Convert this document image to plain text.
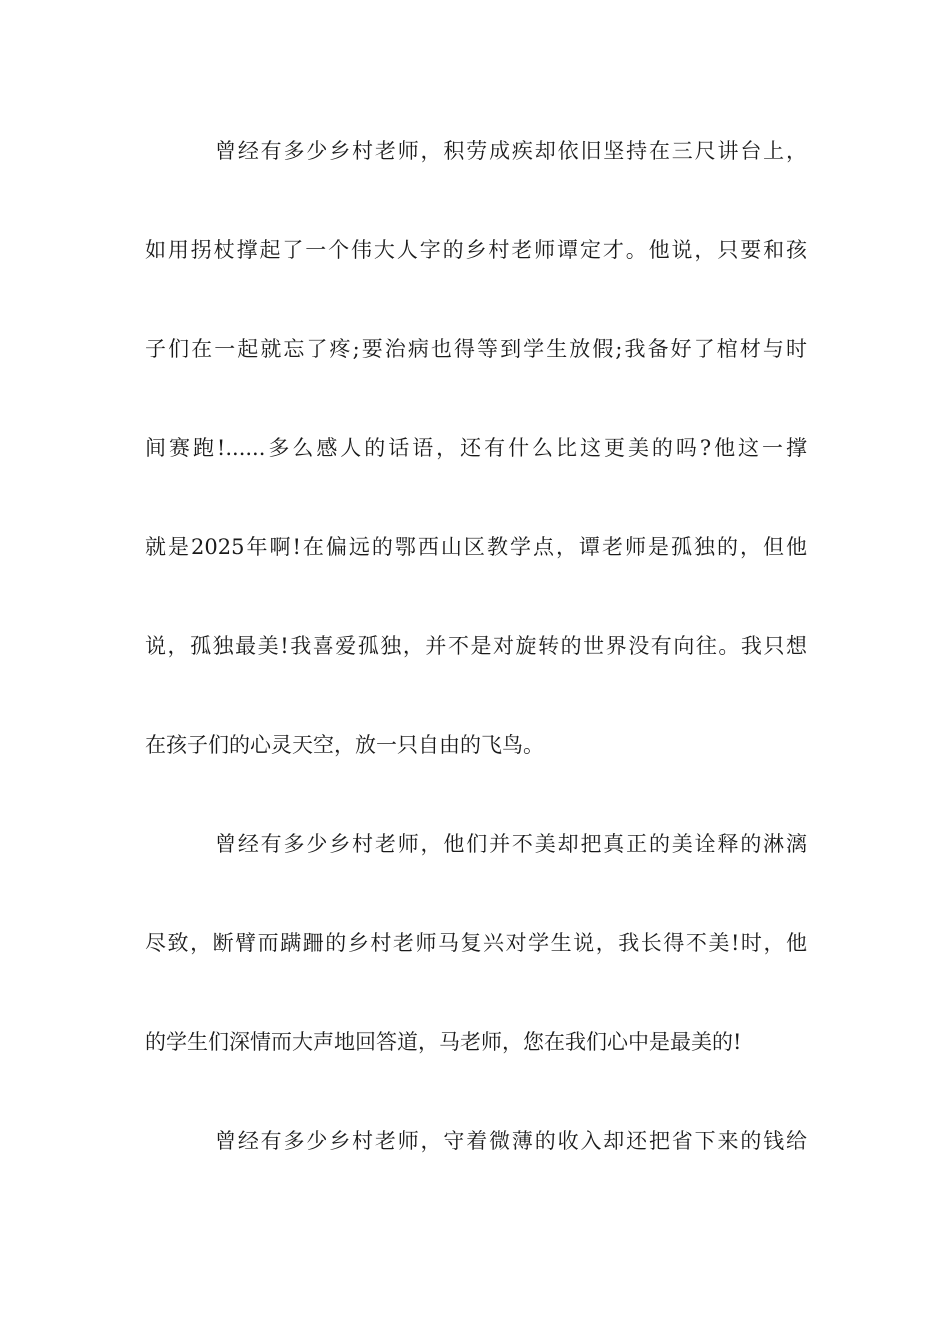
曾经有多少乡村老师，积劳成疾却依旧坚持在三尺讲台上，
如用拐杖撑起了一个伟大人字的乡村老师谭定才。他说，只要和孩
子们在一起就忘了疼;要治病也得等到学生放假;我备好了棺材与时
间赛跑!......多么感人的话语，还有什么比这更美的吗?他这一撑
就是2025年啊!在偏远的鄂西山区教学点，谭老师是孤独的，但他
说，孤独最美!我喜爱孤独，并不是对旋转的世界没有向往。我只想
在孩子们的心灵天空，放一只自由的飞鸟。
曾经有多少乡村老师，他们并不美却把真正的美诠释的淋漓
尽致，断臂而蹒跚的乡村老师马复兴对学生说，我长得不美!时，他
的学生们深情而大声地回答道，马老师，您在我们心中是最美的!
曾经有多少乡村老师，守着微薄的收入却还把省下来的钱给
